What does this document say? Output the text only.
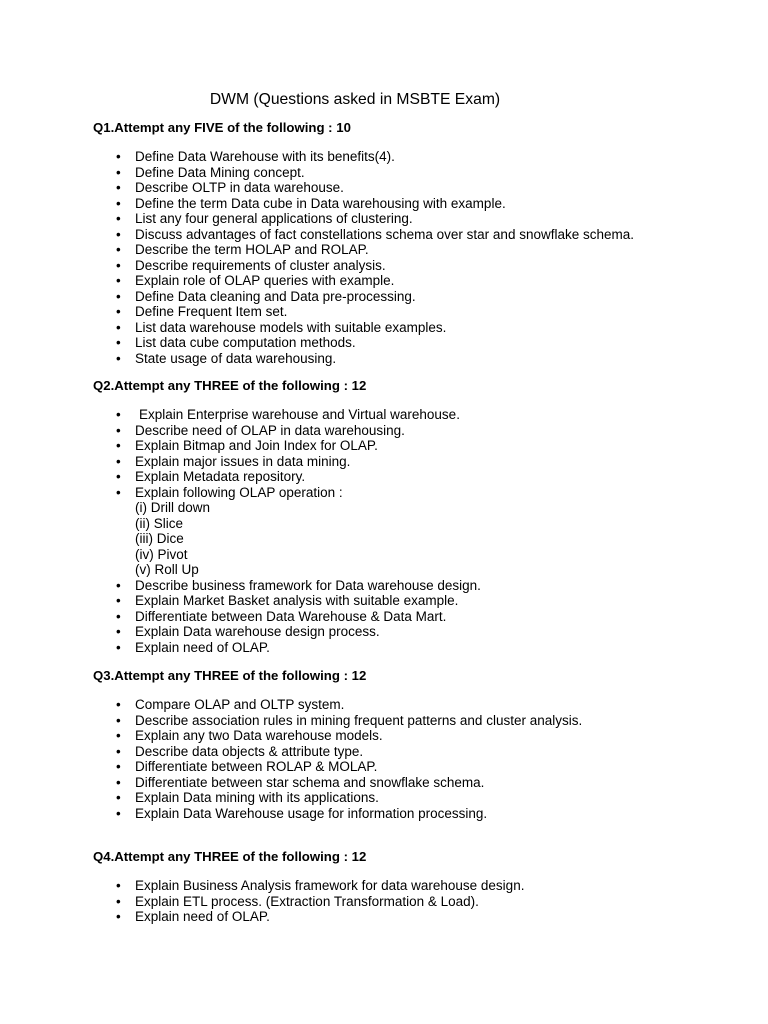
DWM (Questions asked in MSBTE Exam)
Q1.Attempt any FIVE of the following : 10
• Define Data Warehouse with its benefits(4).
• Define Data Mining concept.
• Describe OLTP in data warehouse.
• Define the term Data cube in Data warehousing with example.
• List any four general applications of clustering.
• Discuss advantages of fact constellations schema over star and snowflake schema.
• Describe the term HOLAP and ROLAP.
• Describe requirements of cluster analysis.
• Explain role of OLAP queries with example.
• Define Data cleaning and Data pre-processing.
• Define Frequent Item set.
• List data warehouse models with suitable examples.
• List data cube computation methods.
• State usage of data warehousing.
Q2.Attempt any THREE of the following : 12
• Explain Enterprise warehouse and Virtual warehouse.
• Describe need of OLAP in data warehousing.
• Explain Bitmap and Join Index for OLAP.
• Explain major issues in data mining.
• Explain Metadata repository.
• Explain following OLAP operation :
(i) Drill down
(ii) Slice
(iii) Dice
(iv) Pivot
(v) Roll Up
• Describe business framework for Data warehouse design.
• Explain Market Basket analysis with suitable example.
• Differentiate between Data Warehouse & Data Mart.
• Explain Data warehouse design process.
• Explain need of OLAP.
Q3.Attempt any THREE of the following : 12
• Compare OLAP and OLTP system.
• Describe association rules in mining frequent patterns and cluster analysis.
• Explain any two Data warehouse models.
• Describe data objects & attribute type.
• Differentiate between ROLAP & MOLAP.
• Differentiate between star schema and snowflake schema.
• Explain Data mining with its applications.
• Explain Data Warehouse usage for information processing.
Q4.Attempt any THREE of the following : 12
• Explain Business Analysis framework for data warehouse design.
• Explain ETL process. (Extraction Transformation & Load).
• Explain need of OLAP.
